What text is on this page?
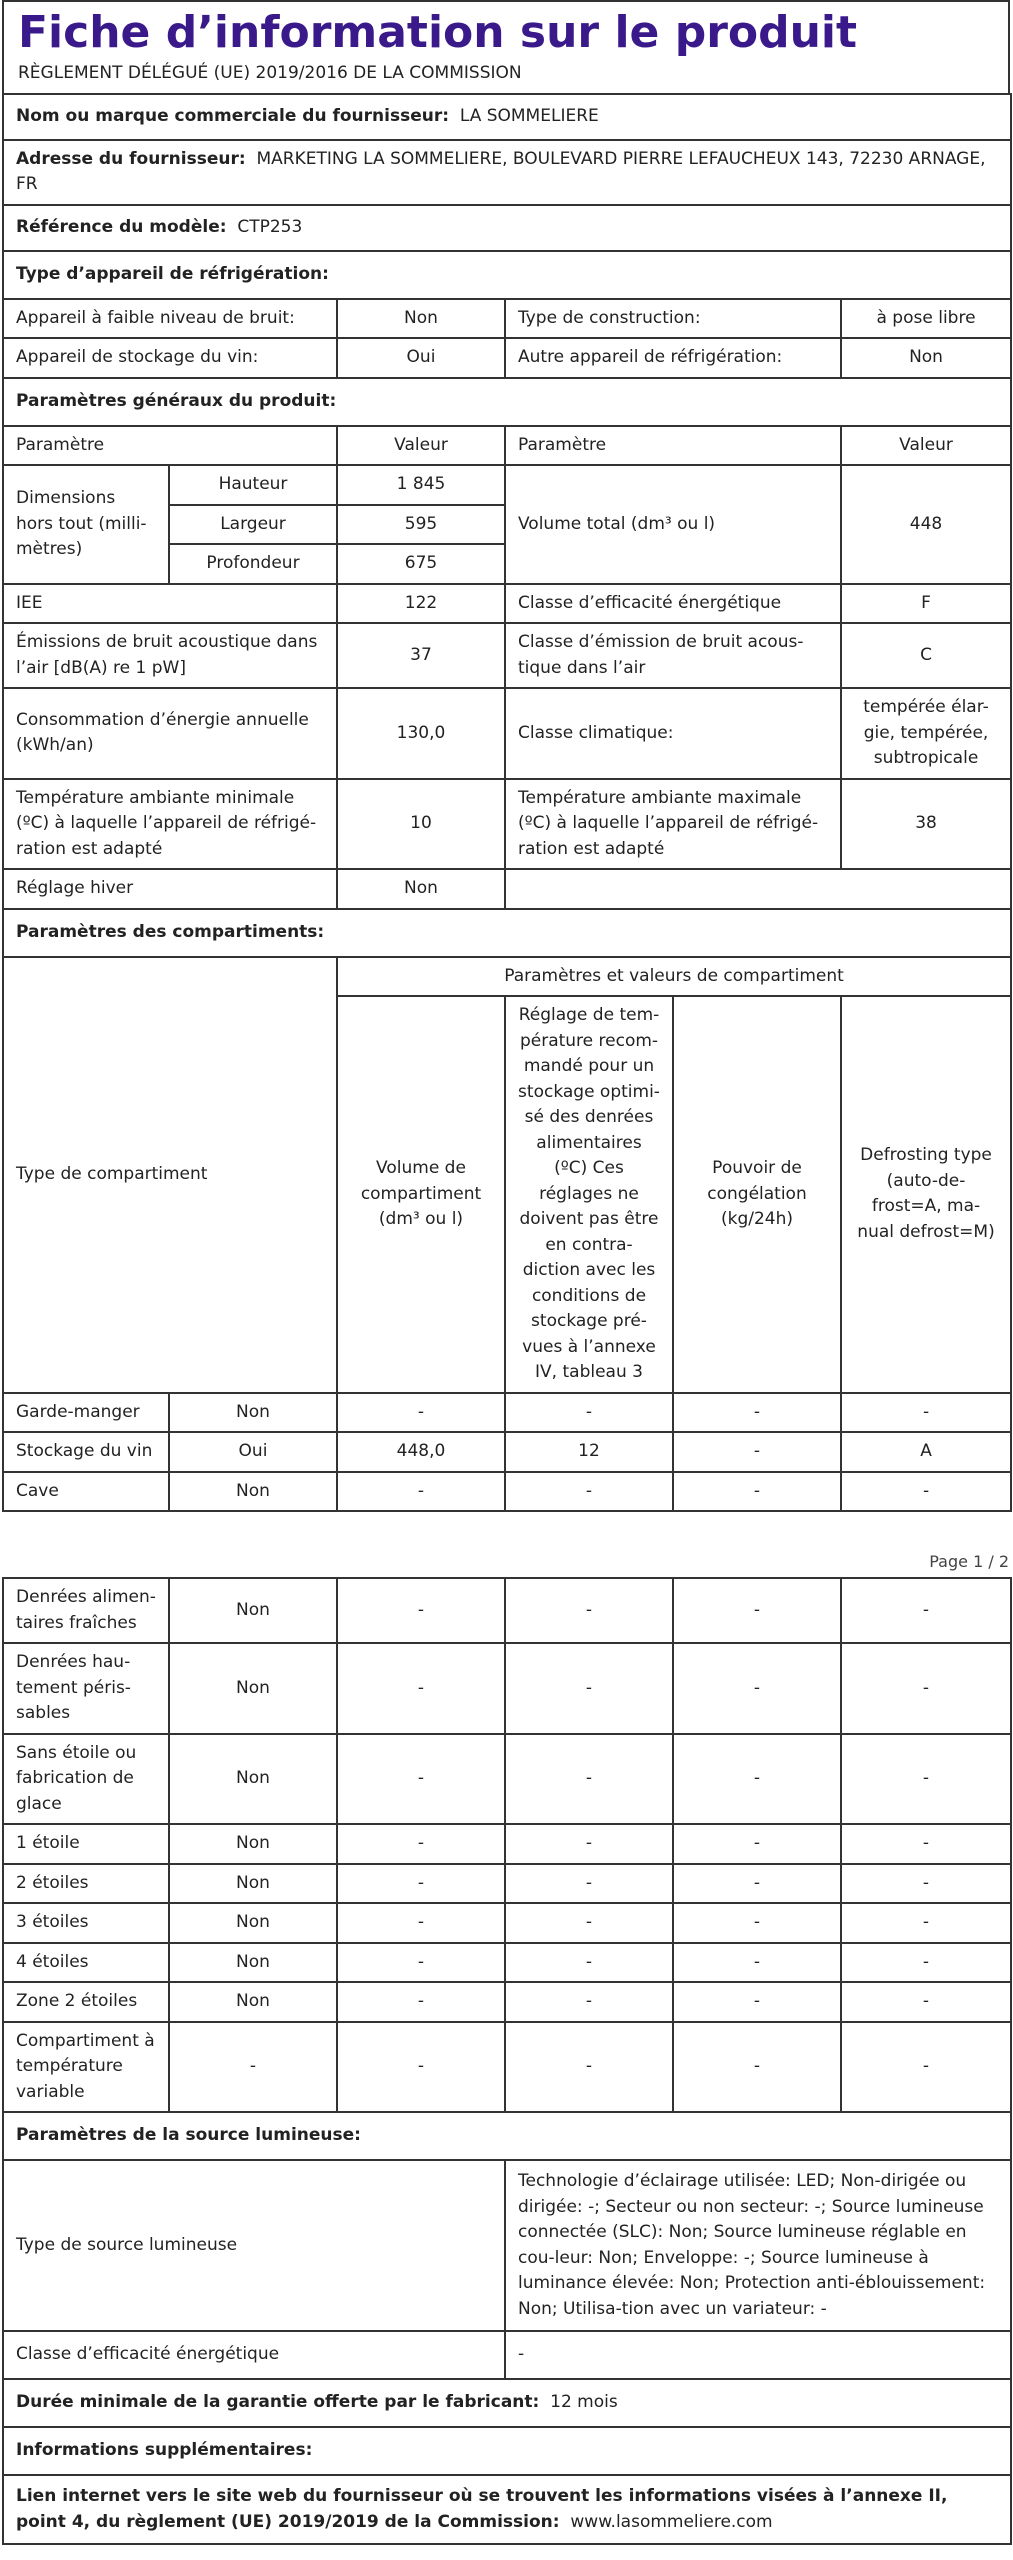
Fiche d’information sur le produit
RÈGLEMENT DÉLÉGUÉ (UE) 2019/2016 DE LA COMMISSION
Nom ou marque commerciale du fournisseur: LA SOMMELIERE					
Adresse du fournisseur: MARKETING LA SOMMELIERE, BOULEVARD PIERRE LEFAUCHEUX 143, 72230 ARNAGE, FR					
Référence du modèle: CTP253					
Type d’appareil de réfrigération:					
Appareil à faible niveau de bruit:		Non	Type de construction:		à pose libre
Appareil de stockage du vin:		Oui	Autre appareil de réfrigération:		Non
Paramètres généraux du produit:					
Paramètre		Valeur	Paramètre		Valeur
Dimensions hors tout (milli-mètres)	Hauteur	1 845	Volume total (dm³ ou l)		448
	Largeur	595			
	Profondeur	675			
IEE		122	Classe d’efficacité énergétique		F
Émissions de bruit acoustique dans l’air [dB(A) re 1 pW]		37	Classe d’émission de bruit acous-tique dans l’air		C
Consommation d’énergie annuelle (kWh/an)		130,0	Classe climatique:		tempérée élar-gie, tempérée, subtropicale
Température ambiante minimale (ºC) à laquelle l’appareil de réfrigé-ration est adapté		10	Température ambiante maximale (ºC) à laquelle l’appareil de réfrigé-ration est adapté		38
Réglage hiver		Non			
Paramètres des compartiments:					
Type de compartiment		Paramètres et valeurs de compartiment			
		Volume de compartiment (dm³ ou l)	Réglage de tem-pérature recom-mandé pour un stockage optimi-sé des denrées alimentaires (ºC) Ces réglages ne doivent pas être en contra-diction avec les conditions de stockage pré-vues à l’annexe IV, tableau 3	Pouvoir de congélation (kg/24h)	Defrosting type (auto-de-frost=A, ma-nual defrost=M)
Garde-manger	Non	-	-	-	-
Stockage du vin	Oui	448,0	12	-	A
Cave	Non	-	-	-	-
Page 1 / 2
Denrées alimen-taires fraîches	Non	-	-	-	-
Denrées hau-tement péris-sables	Non	-	-	-	-
Sans étoile ou fabrication de glace	Non	-	-	-	-
1 étoile	Non	-	-	-	-
2 étoiles	Non	-	-	-	-
3 étoiles	Non	-	-	-	-
4 étoiles	Non	-	-	-	-
Zone 2 étoiles	Non	-	-	-	-
Compartiment à température variable	-	-	-	-	-
Paramètres de la source lumineuse:					
Type de source lumineuse			Technologie d’éclairage utilisée: LED; Non-dirigée ou dirigée: -; Secteur ou non secteur: -; Source lumineuse connectée (SLC): Non; Source lumineuse réglable en cou-leur: Non; Enveloppe: -; Source lumineuse à luminance élevée: Non; Protection anti-éblouissement: Non; Utilisa-tion avec un variateur: -		
Classe d’efficacité énergétique			-		
Durée minimale de la garantie offerte par le fabricant: 12 mois					
Informations supplémentaires:					
Lien internet vers le site web du fournisseur où se trouvent les informations visées à l’annexe II, point 4, du règlement (UE) 2019/2019 de la Commission: www.lasommeliere.com					
